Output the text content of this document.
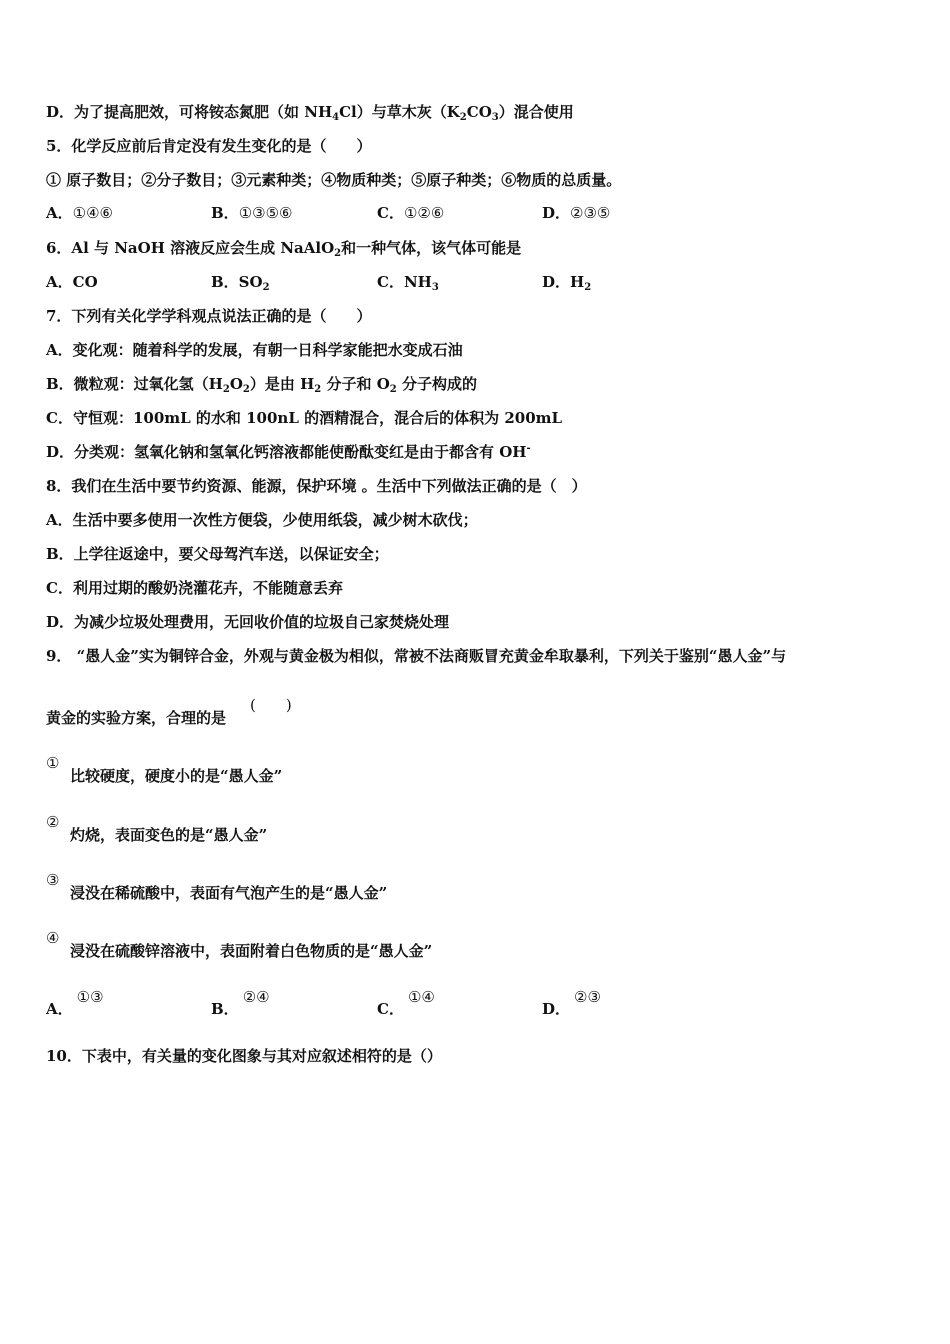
D．为了提高肥效，可将铵态氮肥（如 $NH_4Cl$）与草木灰$(K_2CO_3)$混合使用
5．化学反应前后肯定没有发生变化的是（　　）
① 原子数目；②分子数目；③元素种类；④物质种类；⑤原子种类；⑥物质的总质量。
A．①④⑥	B．①③⑤⑥	C．①②⑥	D．②③⑤
6．Al 与 NaOH 溶液反应会生成 NaAlO$_2$和一种气体，该气体可能是
A．CO	B．$SO_2$	C．$NH_3$	D．$H_2$
7．下列有关化学学科观点说法正确的是（　　）
A．变化观：随着科学的发展，有朝一日科学家能把水变成石油
B．微粒观：过氧化氢$(H_2O_2)$是由 $H_2$ 分子和 $O_2$ 分子构成的
C．守恒观：100mL 的水和 100nL 的酒精混合，混合后的体积为 200mL
D．分类观：氢氧化钠和氢氧化钙溶液都能使酚酞变红是由于都含有 OH-
8．我们在生活中要节约资源、能源，保护环境 。生活中下列做法正确的是（　）
A．生活中要多使用一次性方便袋，少使用纸袋，减少树木砍伐；
B．上学往返途中，要父母驾汽车送，以保证安全；
C．利用过期的酸奶浇灌花卉，不能随意丢弃
D．为减少垃圾处理费用，无回收价值的垃圾自己家焚烧处理
9． “愚人金”实为铜锌合金，外观与黄金极为相似，常被不法商贩冒充黄金牟取暴利，下列关于鉴别“愚人金”与
黄金的实验方案，合理的是
(　　)
①
比较硬度，硬度小的是“愚人金”
②
灼烧，表面变色的是“愚人金”
③
浸没在稀硫酸中，表面有气泡产生的是“愚人金”
④
浸没在硫酸锌溶液中，表面附着白色物质的是“愚人金”
A．①③
B．②④
C．①④
D．②③
10．下表中，有关量的变化图象与其对应叙述相符的是（）
